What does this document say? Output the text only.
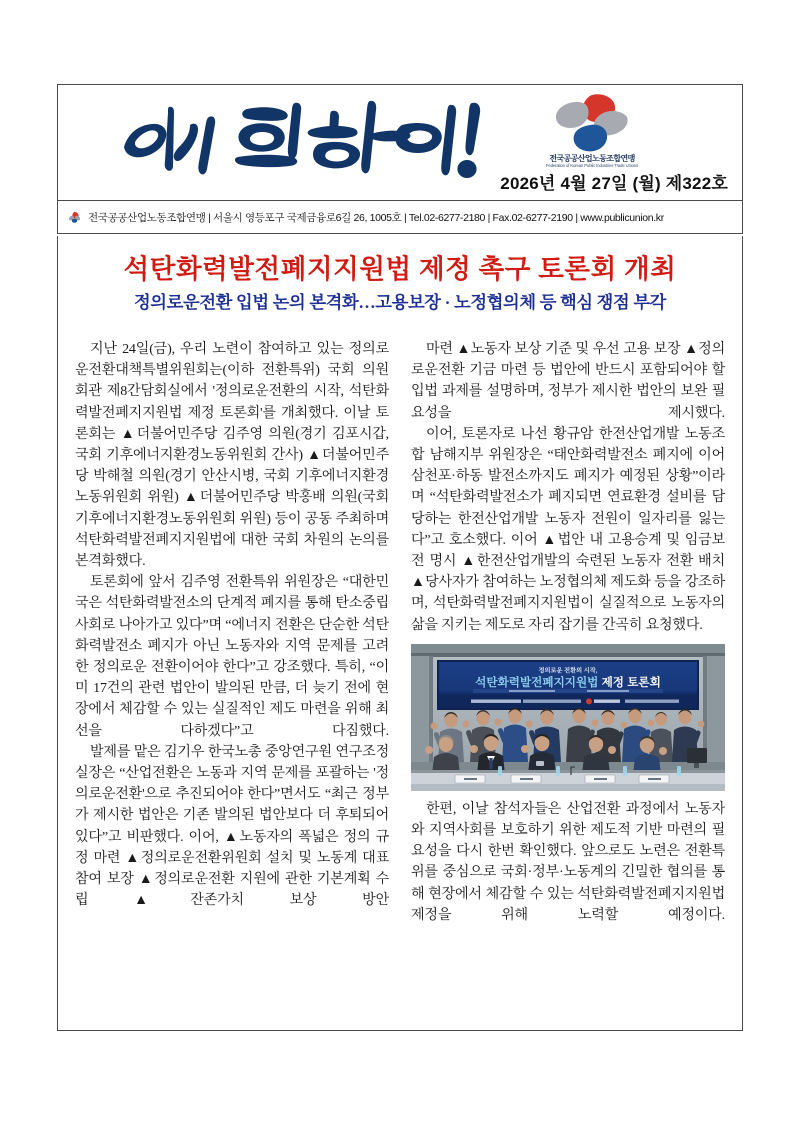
전국공공산업노동조합연맹
Federation of Korean Public Industries Trade Unions
2026년 4월 27일 (월) 제322호
전국공공산업노동조합연맹 | 서울시 영등포구 국제금융로6길 26, 1005호 | Tel.02-6277-2180 | Fax.02-6277-2190 | www.publicunion.kr
석탄화력발전폐지지원법 제정 촉구 토론회 개최
정의로운전환 입법 논의 본격화…고용보장 · 노정협의체 등 핵심 쟁점 부각

지난 24일(금), 우리 노련이 참여하고 있는 정의로운전환대책특별위원회는(이하 전환특위) 국회 의원회관 제8간담회실에서 '정의로운전환의 시작, 석탄화력발전폐지지원법 제정 토론회'를 개최했다. 이날 토론회는 ▲더불어민주당 김주영 의원(경기 김포시갑, 국회 기후에너지환경노동위원회 간사) ▲더불어민주당 박해철 의원(경기 안산시병, 국회 기후에너지환경노동위원회 위원) ▲더불어민주당 박홍배 의원(국회 기후에너지환경노동위원회 위원) 등이 공동 주최하며 석탄화력발전폐지지원법에 대한 국회 차원의 논의를 본격화했다.

토론회에 앞서 김주영 전환특위 위원장은 “대한민국은 석탄화력발전소의 단계적 폐지를 통해 탄소중립 사회로 나아가고 있다”며 “에너지 전환은 단순한 석탄화력발전소 폐지가 아닌 노동자와 지역 문제를 고려한 정의로운 전환이어야 한다”고 강조했다. 특히, “이미 17건의 관련 법안이 발의된 만큼, 더 늦기 전에 현장에서 체감할 수 있는 실질적인 제도 마련을 위해 최선을 다하겠다”고 다짐했다.

발제를 맡은 김기우 한국노총 중앙연구원 연구조정실장은 “산업전환은 노동과 지역 문제를 포괄하는 '정의로운전환'으로 추진되어야 한다”면서도 “최근 정부가 제시한 법안은 기존 발의된 법안보다 더 후퇴되어 있다”고 비판했다. 이어, ▲노동자의 폭넓은 정의 규정 마련 ▲정의로운전환위원회 설치 및 노동계 대표 참여 보장 ▲정의로운전환 지원에 관한 기본계획 수립 ▲잔존가치 보상 방안

마련 ▲노동자 보상 기준 및 우선 고용 보장 ▲정의로운전환 기금 마련 등 법안에 반드시 포함되어야 할 입법 과제를 설명하며, 정부가 제시한 법안의 보완 필요성을 제시했다.

이어, 토론자로 나선 황규암 한전산업개발 노동조합 남해지부 위원장은 “태안화력발전소 폐지에 이어 삼천포·하동 발전소까지도 폐지가 예정된 상황”이라며 “석탄화력발전소가 폐지되면 연료환경 설비를 담당하는 한전산업개발 노동자 전원이 일자리를 잃는다”고 호소했다. 이어 ▲법안 내 고용승계 및 임금보전 명시 ▲한전산업개발의 숙련된 노동자 전환 배치 ▲당사자가 참여하는 노정협의체 제도화 등을 강조하며, 석탄화력발전폐지지원법이 실질적으로 노동자의 삶을 지키는 제도로 자리 잡기를 간곡히 요청했다.

정의로운 전환의 시작,
석탄화력발전폐지지원법 제정 토론회

한편, 이날 참석자들은 산업전환 과정에서 노동자와 지역사회를 보호하기 위한 제도적 기반 마련의 필요성을 다시 한번 확인했다. 앞으로도 노련은 전환특위를 중심으로 국회·정부·노동계의 긴밀한 협의를 통해 현장에서 체감할 수 있는 석탄화력발전폐지지원법 제정을 위해 노력할 예정이다.
